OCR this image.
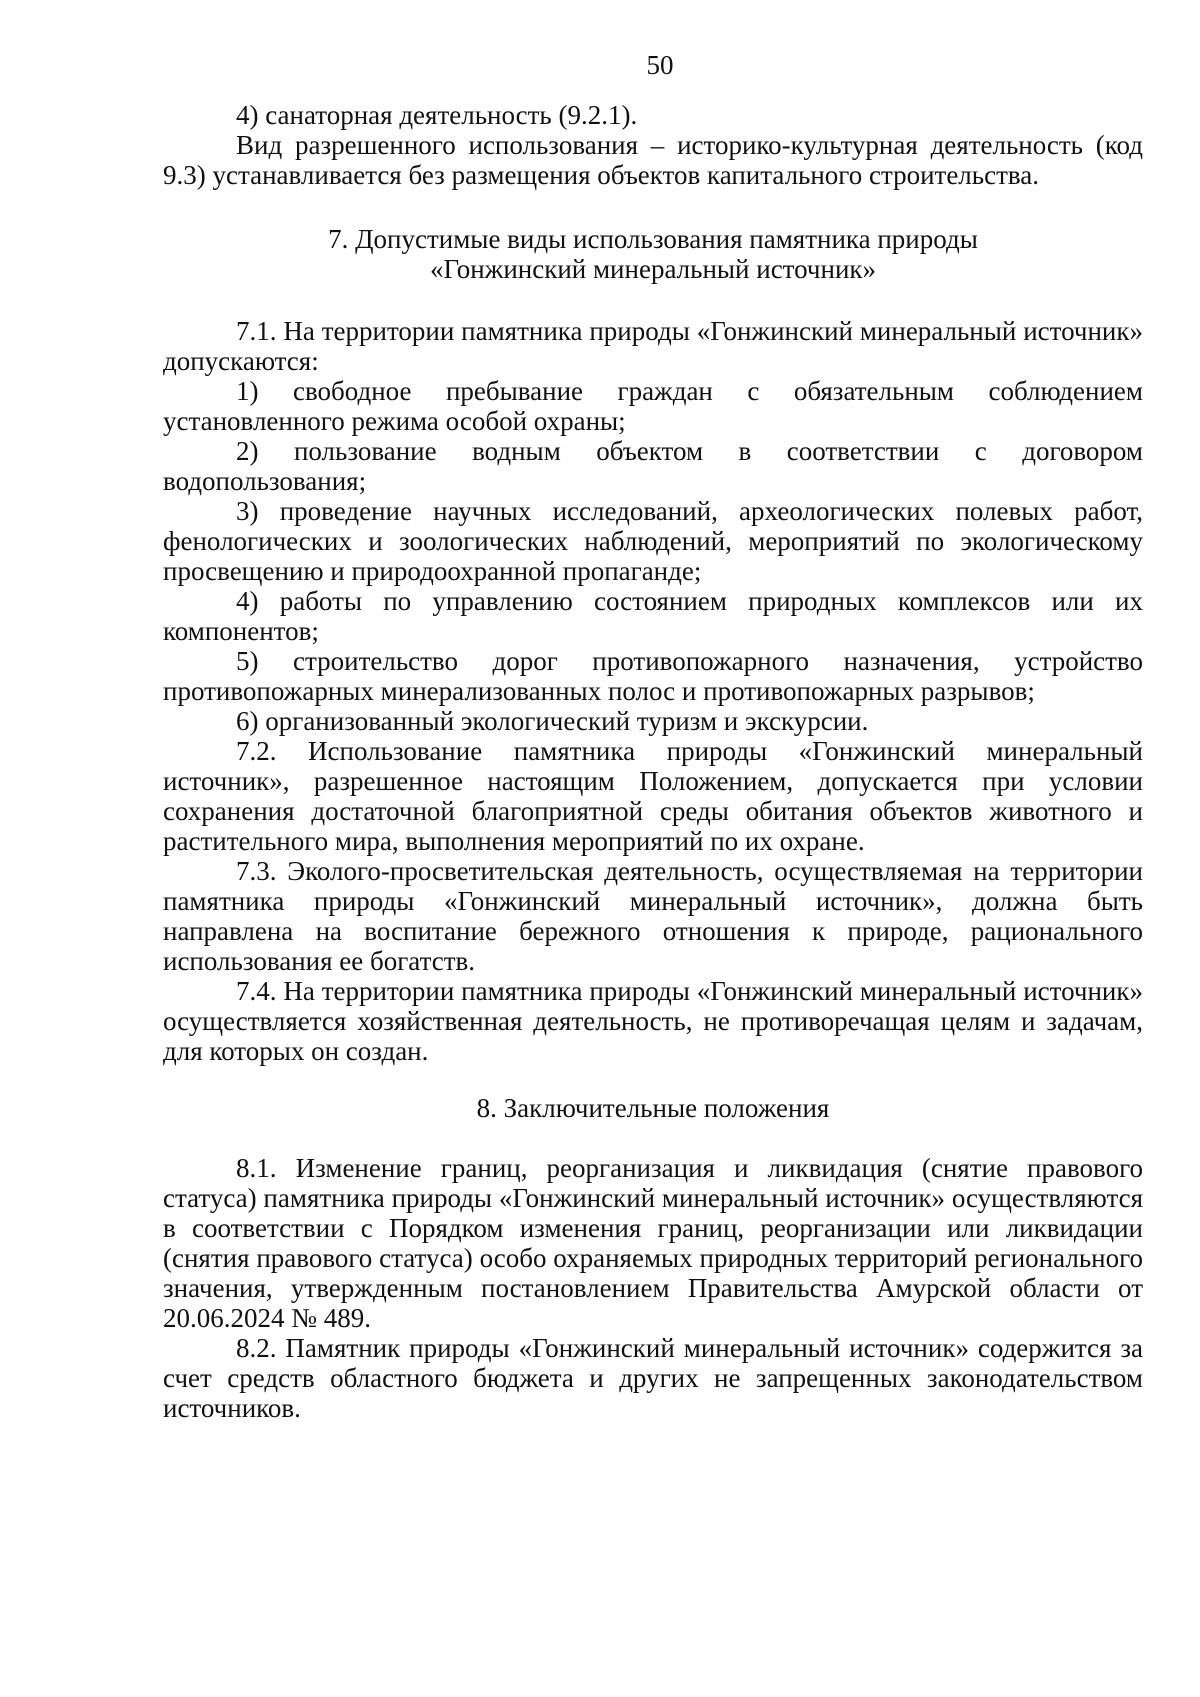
50

4) санаторная деятельность (9.2.1).

Вид разрешенного использования – историко-культурная деятельность (код 9.3) устанавливается без размещения объектов капитального строительства.

7. Допустимые виды использования памятника природы

«Гонжинский минеральный источник»

7.1. На территории памятника природы «Гонжинский минеральный источник» допускаются:

1) свободное пребывание граждан с обязательным соблюдением установленного режима особой охраны;

2) пользование водным объектом в соответствии с договором водопользования;

3) проведение научных исследований, археологических полевых работ, фенологических и зоологических наблюдений, мероприятий по экологическому просвещению и природоохранной пропаганде;

4) работы по управлению состоянием природных комплексов или их компонентов;

5) строительство дорог противопожарного назначения, устройство противопожарных минерализованных полос и противопожарных разрывов;

6) организованный экологический туризм и экскурсии.

7.2. Использование памятника природы «Гонжинский минеральный источник», разрешенное настоящим Положением, допускается при условии сохранения достаточной благоприятной среды обитания объектов животного и растительного мира, выполнения мероприятий по их охране.

7.3. Эколого-просветительская деятельность, осуществляемая на территории памятника природы «Гонжинский минеральный источник», должна быть направлена на воспитание бережного отношения к природе, рационального использования ее богатств.

7.4. На территории памятника природы «Гонжинский минеральный источник» осуществляется хозяйственная деятельность, не противоречащая целям и задачам, для которых он создан.

8. Заключительные положения

8.1. Изменение границ, реорганизация и ликвидация (снятие правового статуса) памятника природы «Гонжинский минеральный источник» осуществляются в соответствии с Порядком изменения границ, реорганизации или ликвидации (снятия правового статуса) особо охраняемых природных территорий регионального значения, утвержденным постановлением Правительства Амурской области от 20.06.2024 № 489.

8.2. Памятник природы «Гонжинский минеральный источник» содержится за счет средств областного бюджета и других не запрещенных законодательством источников.
